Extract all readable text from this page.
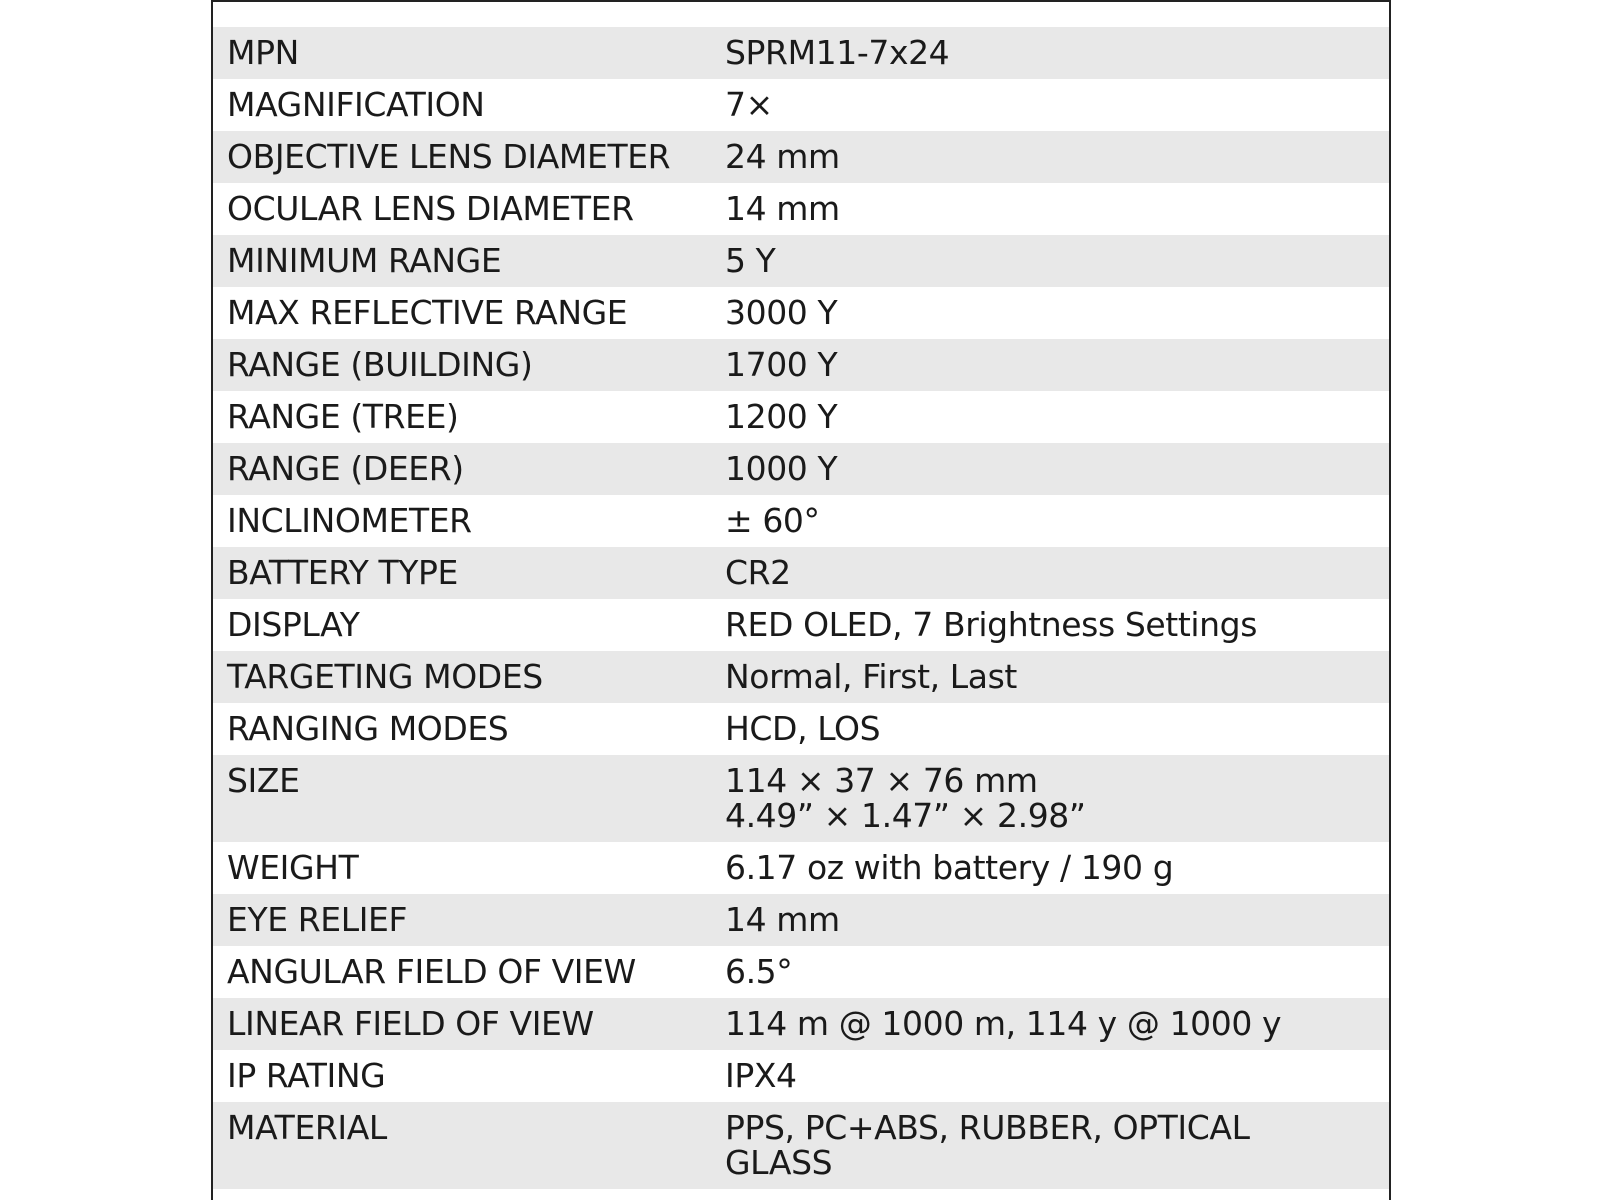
MPN	SPRM11-7x24
MAGNIFICATION	7×
OBJECTIVE LENS DIAMETER	24 mm
OCULAR LENS DIAMETER	14 mm
MINIMUM RANGE	5 Y
MAX REFLECTIVE RANGE	3000 Y
RANGE (BUILDING)	1700 Y
RANGE (TREE)	1200 Y
RANGE (DEER)	1000 Y
INCLINOMETER	± 60°
BATTERY TYPE	CR2
DISPLAY	RED OLED, 7 Brightness Settings
TARGETING MODES	Normal, First, Last
RANGING MODES	HCD, LOS
SIZE	114 × 37 × 76 mm
4.49” × 1.47” × 2.98”
WEIGHT	6.17 oz with battery / 190 g
EYE RELIEF	14 mm
ANGULAR FIELD OF VIEW	6.5°
LINEAR FIELD OF VIEW	114 m @ 1000 m, 114 y @ 1000 y
IP RATING	IPX4
MATERIAL	PPS, PC+ABS, RUBBER, OPTICAL
GLASS
